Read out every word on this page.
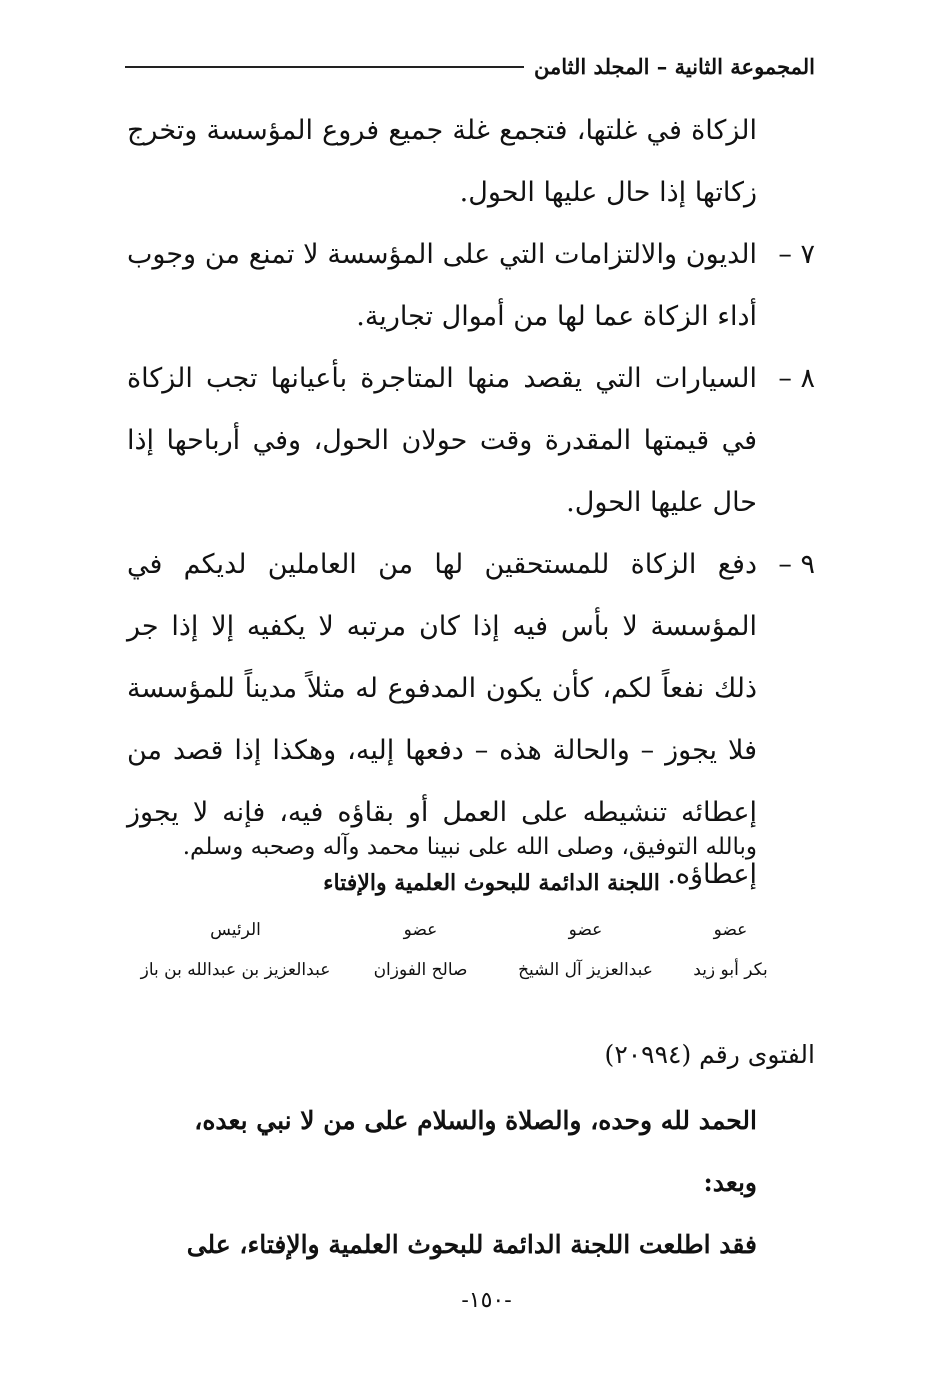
المجموعة الثانية – المجلد الثامن

الزكاة في غلتها، فتجمع غلة جميع فروع المؤسسة وتخرج زكاتها إذا حال عليها الحول.

٧ –
الديون والالتزامات التي على المؤسسة لا تمنع من وجوب أداء الزكاة عما لها من أموال تجارية.
٨ –
السيارات التي يقصد منها المتاجرة بأعيانها تجب الزكاة في قيمتها المقدرة وقت حولان الحول، وفي أرباحها إذا حال عليها الحول.
٩ –
دفع الزكاة للمستحقين لها من العاملين لديكم في المؤسسة لا بأس فيه إذا كان مرتبه لا يكفيه إلا إذا جر ذلك نفعاً لكم، كأن يكون المدفوع له مثلاً مديناً للمؤسسة فلا يجوز – والحالة هذه – دفعها إليه، وهكذا إذا قصد من إعطائه تنشيطه على العمل أو بقاؤه فيه، فإنه لا يجوز إعطاؤه.
وبالله التوفيق، وصلى الله على نبينا محمد وآله وصحبه وسلم.
اللجنة الدائمة للبحوث العلمية والإفتاء
عضو
عضو
عضو
الرئيس
بكر أبو زيد
عبدالعزيز آل الشيخ
صالح الفوزان
عبدالعزيز بن عبدالله بن باز
الفتوى رقم (٢٠٩٩٤)

الحمد لله وحده، والصلاة والسلام على من لا نبي بعده،

وبعد:

فقد اطلعت اللجنة الدائمة للبحوث العلمية والإفتاء، على

-١٥٠-
